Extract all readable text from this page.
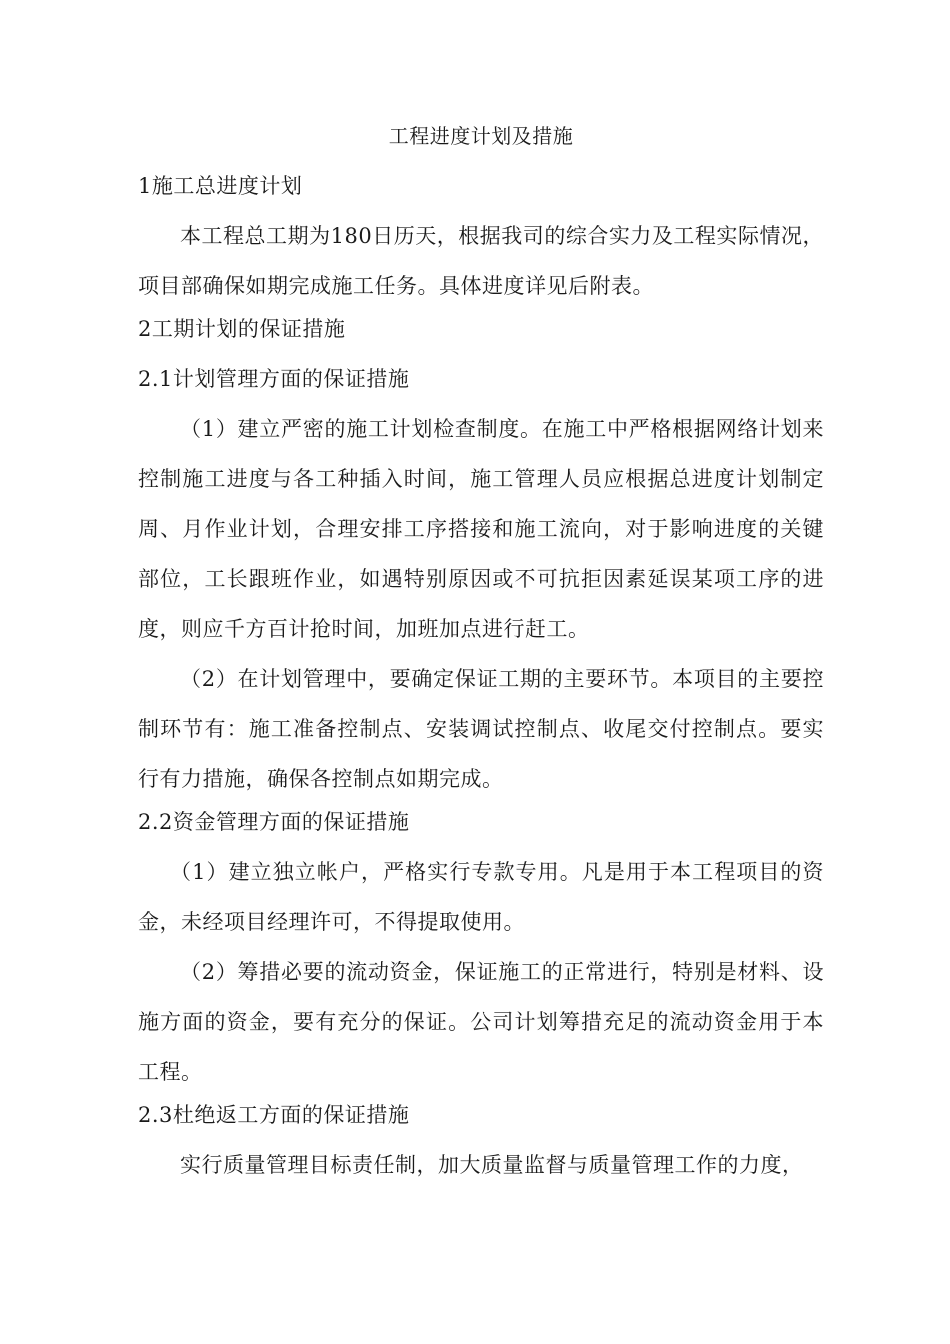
工程进度计划及措施
1施工总进度计划
本工程总工期为180日历天，根据我司的综合实力及工程实际情况，项目部确保如期完成施工任务。具体进度详见后附表。
2工期计划的保证措施
2.1计划管理方面的保证措施
（1）建立严密的施工计划检查制度。在施工中严格根据网络计划来控制施工进度与各工种插入时间，施工管理人员应根据总进度计划制定周、月作业计划，合理安排工序搭接和施工流向，对于影响进度的关键部位，工长跟班作业，如遇特别原因或不可抗拒因素延误某项工序的进度，则应千方百计抢时间，加班加点进行赶工。
（2）在计划管理中，要确定保证工期的主要环节。本项目的主要控制环节有：施工准备控制点、安装调试控制点、收尾交付控制点。要实行有力措施，确保各控制点如期完成。
2.2资金管理方面的保证措施
（1）建立独立帐户，严格实行专款专用。凡是用于本工程项目的资金，未经项目经理许可，不得提取使用。
（2）筹措必要的流动资金，保证施工的正常进行，特别是材料、设施方面的资金，要有充分的保证。公司计划筹措充足的流动资金用于本工程。
2.3杜绝返工方面的保证措施
实行质量管理目标责任制，加大质量监督与质量管理工作的力度，
